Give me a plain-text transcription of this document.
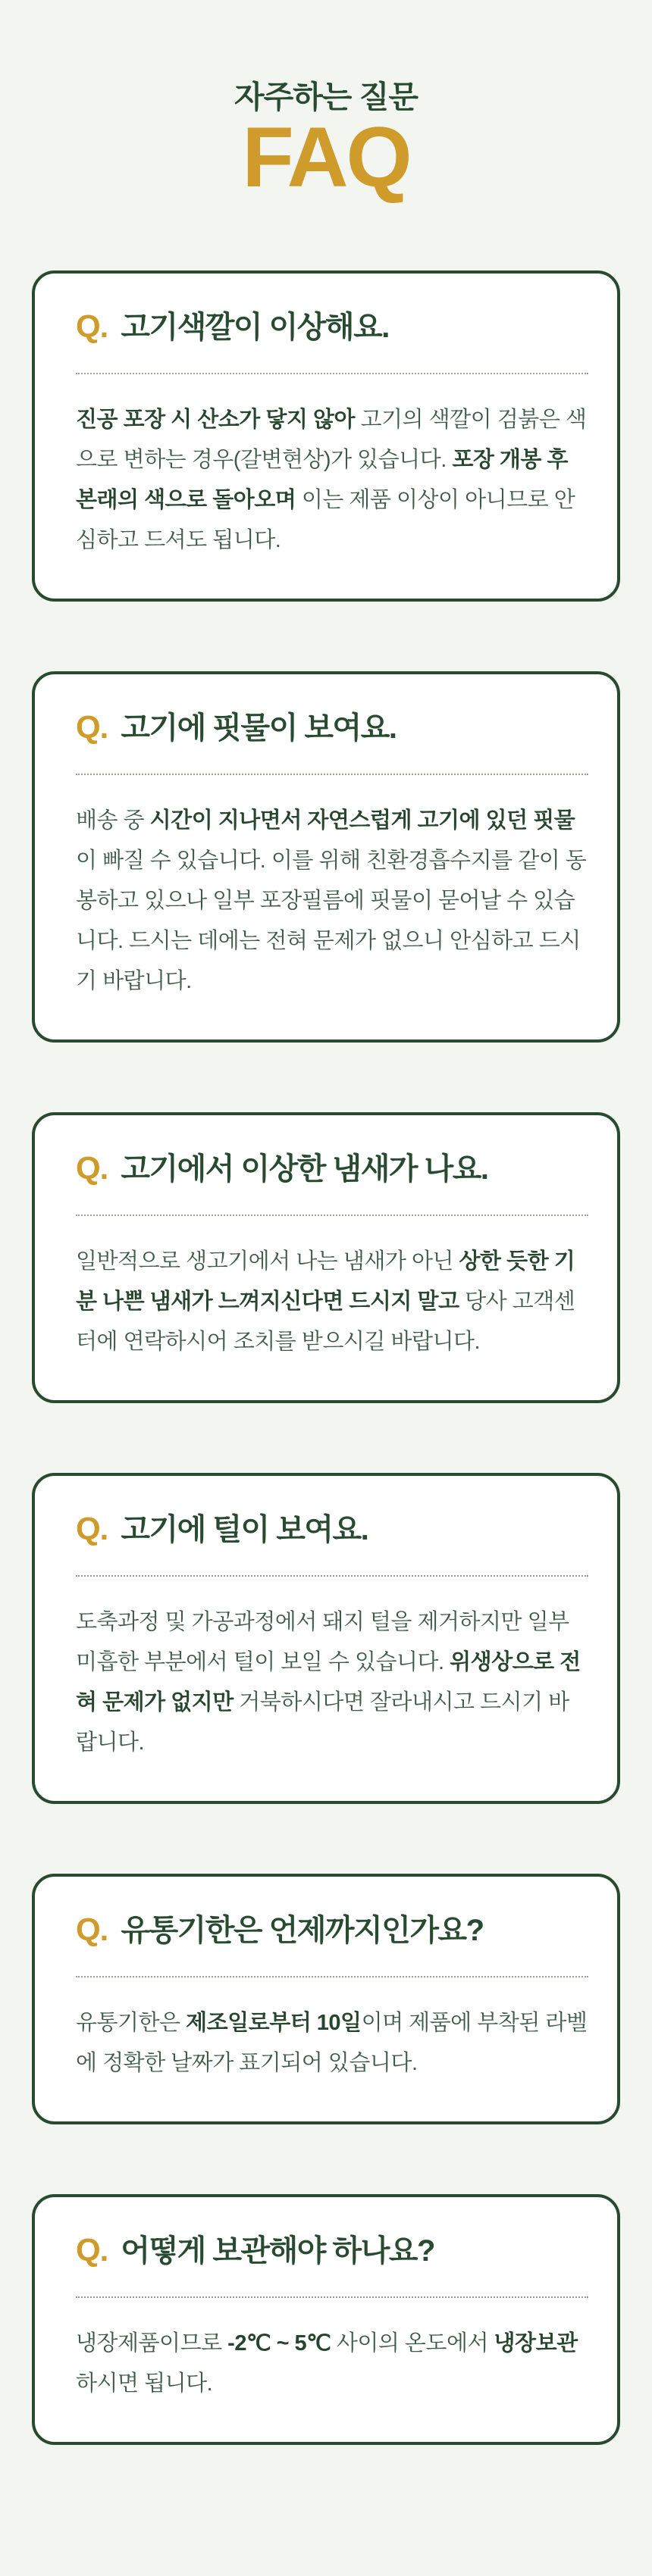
자주하는 질문
FAQ
Q. 고기색깔이 이상해요.

진공 포장 시 산소가 닿지 않아 고기의 색깔이 검붉은 색으로 변하는 경우(갈변현상)가 있습니다. 포장 개봉 후 본래의 색으로 돌아오며 이는 제품 이상이 아니므로 안심하고 드셔도 됩니다.

Q. 고기에 핏물이 보여요.

배송 중 시간이 지나면서 자연스럽게 고기에 있던 핏물이 빠질 수 있습니다. 이를 위해 친환경흡수지를 같이 동봉하고 있으나 일부 포장필름에 핏물이 묻어날 수 있습니다. 드시는 데에는 전혀 문제가 없으니 안심하고 드시기 바랍니다.

Q. 고기에서 이상한 냄새가 나요.

일반적으로 생고기에서 나는 냄새가 아닌 상한 듯한 기분 나쁜 냄새가 느껴지신다면 드시지 말고 당사 고객센터에 연락하시어 조치를 받으시길 바랍니다.

Q. 고기에 털이 보여요.

도축과정 및 가공과정에서 돼지 털을 제거하지만 일부 미흡한 부분에서 털이 보일 수 있습니다. 위생상으로 전혀 문제가 없지만 거북하시다면 잘라내시고 드시기 바랍니다.

Q. 유통기한은 언제까지인가요?

유통기한은 제조일로부터 10일이며 제품에 부착된 라벨에 정확한 날짜가 표기되어 있습니다.

Q. 어떻게 보관해야 하나요?

냉장제품이므로 -2℃ ~ 5℃ 사이의 온도에서 냉장보관하시면 됩니다.
